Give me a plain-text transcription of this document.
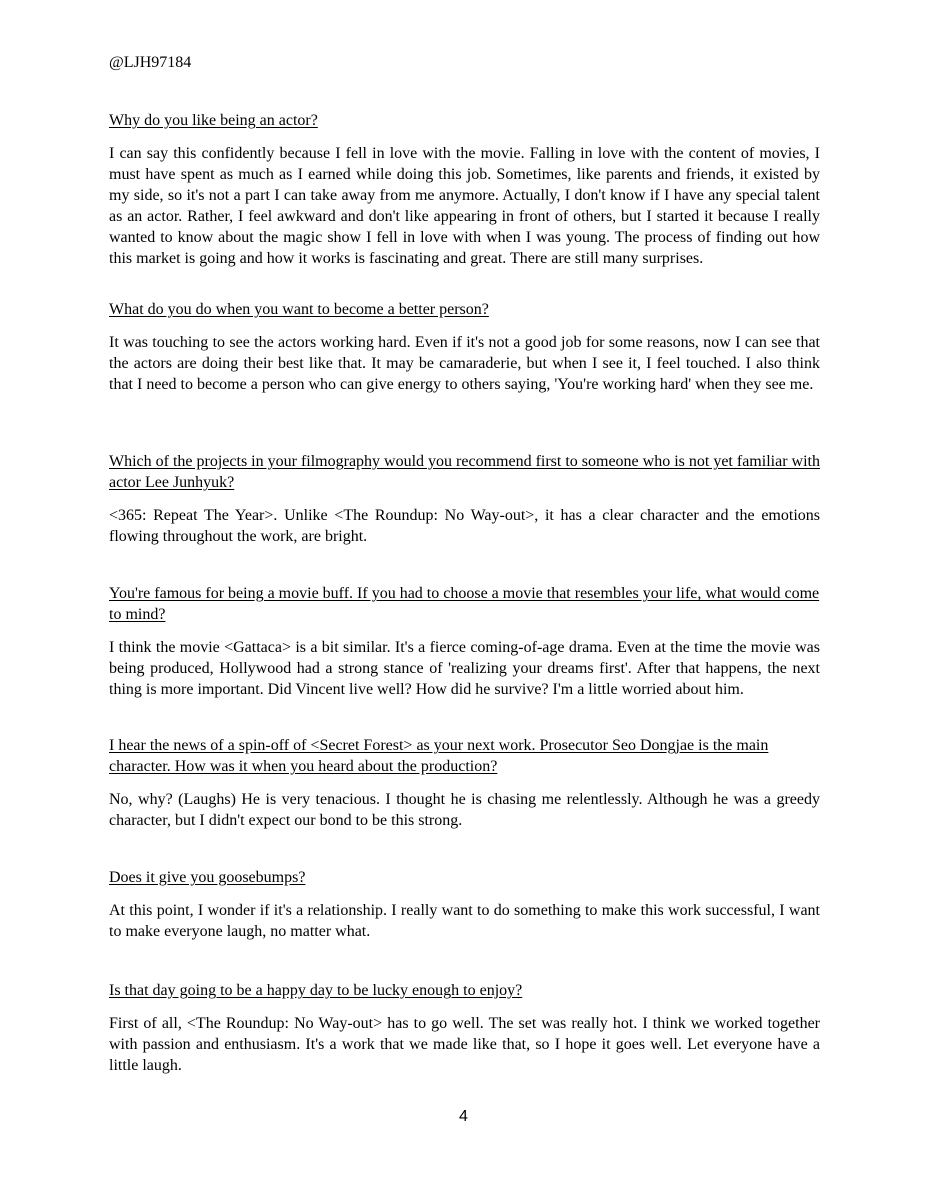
@LJH97184

Why do you like being an actor?

I can say this confidently because I fell in love with the movie. Falling in love with the content of movies, I must have spent as much as I earned while doing this job. Sometimes, like parents and friends, it existed by my side, so it's not a part I can take away from me anymore. Actually, I don't know if I have any special talent as an actor. Rather, I feel awkward and don't like appearing in front of others, but I started it because I really wanted to know about the magic show I fell in love with when I was young. The process of finding out how this market is going and how it works is fascinating and great. There are still many surprises.

What do you do when you want to become a better person?

It was touching to see the actors working hard. Even if it's not a good job for some reasons, now I can see that the actors are doing their best like that. It may be camaraderie, but when I see it, I feel touched. I also think that I need to become a person who can give energy to others saying, 'You're working hard' when they see me.

Which of the projects in your filmography would you recommend first to someone who is not yet familiar with actor Lee Junhyuk?

<365: Repeat The Year>. Unlike <The Roundup: No Way-out>, it has a clear character and the emotions flowing throughout the work, are bright.

You're famous for being a movie buff. If you had to choose a movie that resembles your life, what would come to mind?

I think the movie <Gattaca> is a bit similar. It's a fierce coming-of-age drama. Even at the time the movie was being produced, Hollywood had a strong stance of 'realizing your dreams first'. After that happens, the next thing is more important. Did Vincent live well? How did he survive? I'm a little worried about him.

I hear the news of a spin-off of <Secret Forest> as your next work. Prosecutor Seo Dongjae is the main character. How was it when you heard about the production?

No, why? (Laughs) He is very tenacious. I thought he is chasing me relentlessly. Although he was a greedy character, but I didn't expect our bond to be this strong.

Does it give you goosebumps?

At this point, I wonder if it's a relationship. I really want to do something to make this work successful, I want to make everyone laugh, no matter what.

Is that day going to be a happy day to be lucky enough to enjoy?

First of all, <The Roundup: No Way-out> has to go well. The set was really hot. I think we worked together with passion and enthusiasm. It's a work that we made like that, so I hope it goes well. Let everyone have a little laugh.

4
